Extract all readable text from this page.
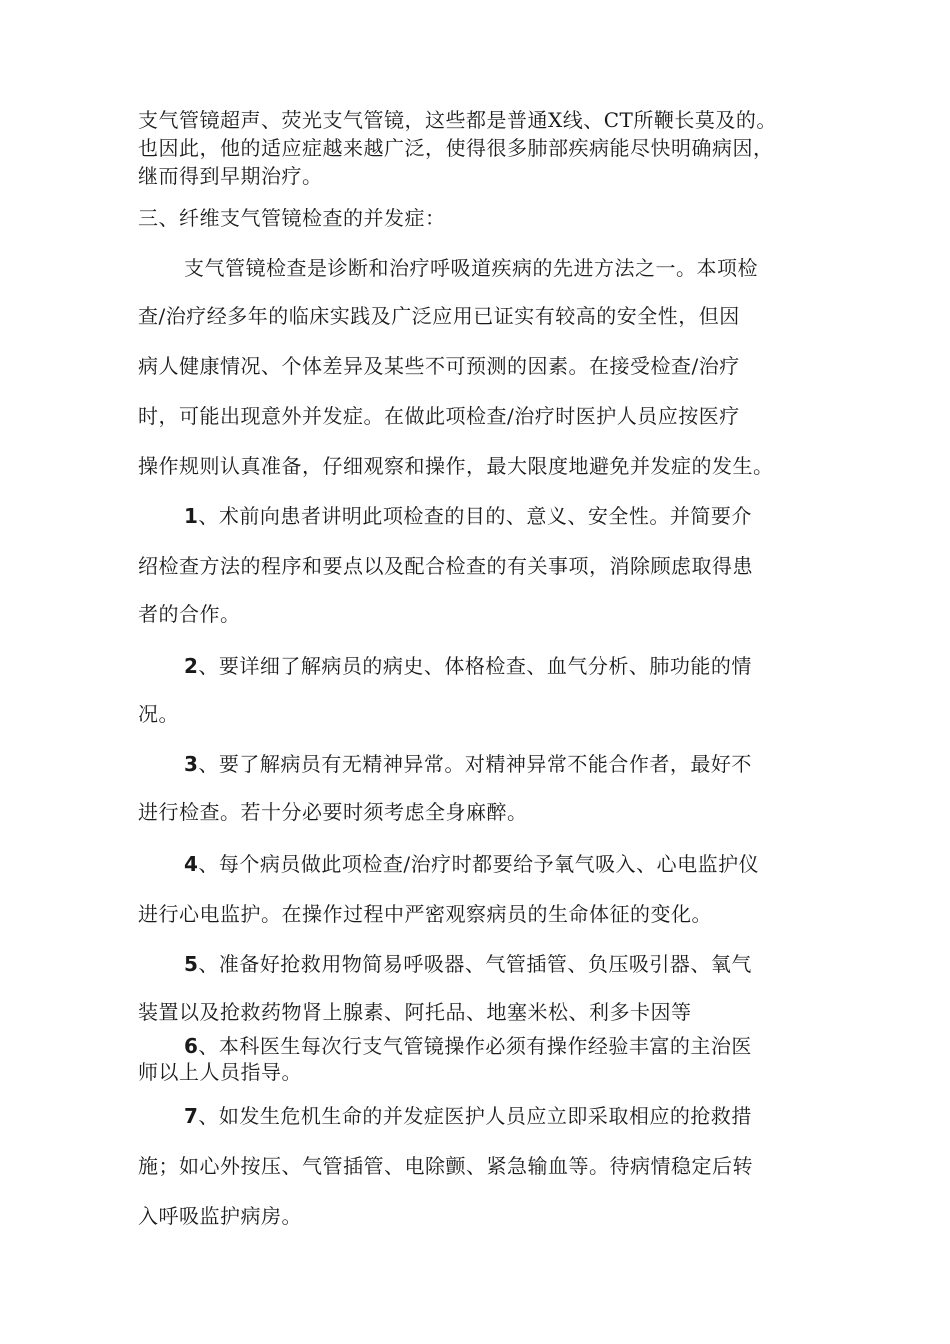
支气管镜超声、荧光支气管镜，这些都是普通X线、CT所鞭长莫及的。
也因此，他的适应症越来越广泛，使得很多肺部疾病能尽快明确病因，
继而得到早期治疗。
三、纤维支气管镜检查的并发症：
支气管镜检查是诊断和治疗呼吸道疾病的先进方法之一。本项检
查/治疗经多年的临床实践及广泛应用已证实有较高的安全性，但因
病人健康情况、个体差异及某些不可预测的因素。在接受检查/治疗
时，可能出现意外并发症。在做此项检查/治疗时医护人员应按医疗
操作规则认真准备，仔细观察和操作，最大限度地避免并发症的发生。
1、术前向患者讲明此项检查的目的、意义、安全性。并简要介
绍检查方法的程序和要点以及配合检查的有关事项，消除顾虑取得患
者的合作。
2、要详细了解病员的病史、体格检查、血气分析、肺功能的情
况。
3、要了解病员有无精神异常。对精神异常不能合作者，最好不
进行检查。若十分必要时须考虑全身麻醉。
4、每个病员做此项检查/治疗时都要给予氧气吸入、心电监护仪
进行心电监护。在操作过程中严密观察病员的生命体征的变化。
5、准备好抢救用物简易呼吸器、气管插管、负压吸引器、氧气
装置以及抢救药物肾上腺素、阿托品、地塞米松、利多卡因等
6、本科医生每次行支气管镜操作必须有操作经验丰富的主治医
师以上人员指导。
7、如发生危机生命的并发症医护人员应立即采取相应的抢救措
施；如心外按压、气管插管、电除颤、紧急输血等。待病情稳定后转
入呼吸监护病房。
